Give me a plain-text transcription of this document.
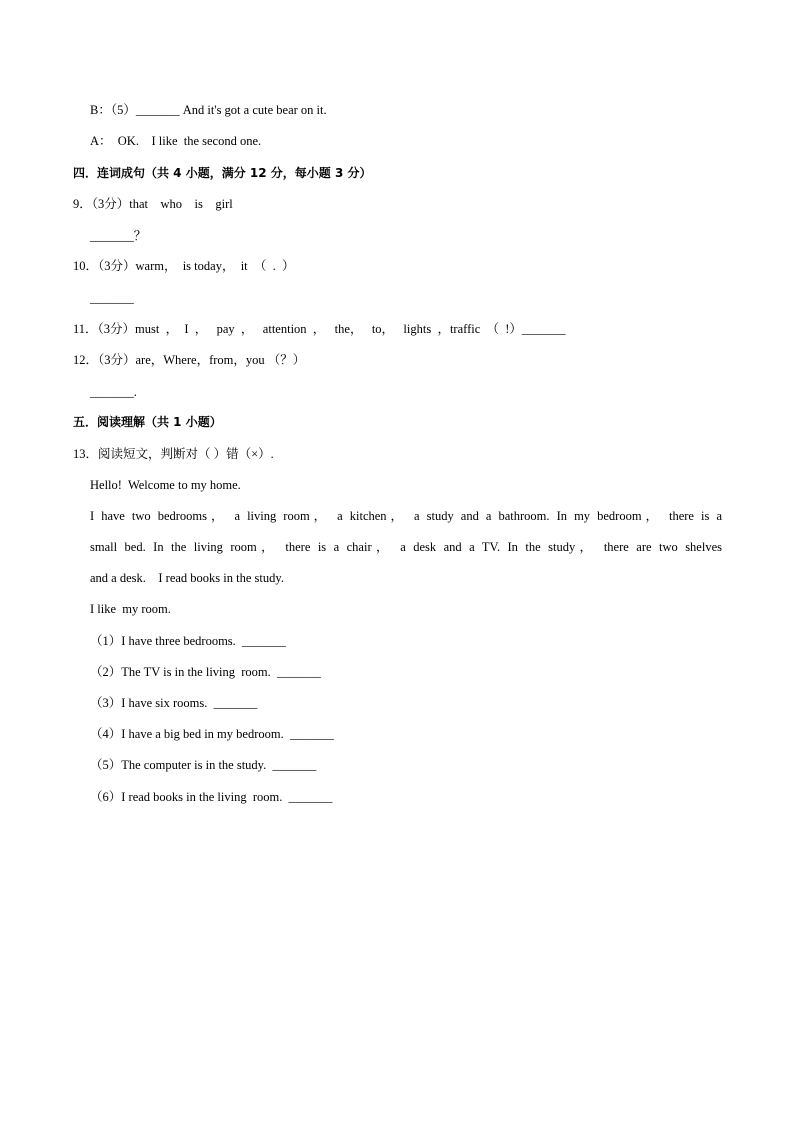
B：（5）_______ And it's got a cute bear on it.
A：  OK.    I like  the second one.
四．连词成句（共 4 小题，满分 12 分，每小题 3 分）
9．（3分）that    who    is    girl
_______？
10．（3分）warm，  is today，  it  （  .  ）
_______
11．（3分）must  ，  I  ，   pay  ，   attention  ，   the，   to，   lights  ，traffic  （  !）_______
12．（3分）are，Where，from，you （？）
_______.
五．阅读理解（共 1 小题）
13．阅读短文，判断对（ ）错（×）.
Hello!  Welcome to my home.
I have two bedrooms， a living room， a kitchen， a study and a bathroom. In my bedroom， there is a
small bed. In the living room， there is a chair， a desk and a TV. In the study， there are two shelves
and a desk.    I read books in the study.
I like  my room.
（1）I have three bedrooms.  _______
（2）The TV is in the living  room.  _______
（3）I have six rooms.  _______
（4）I have a big bed in my bedroom.  _______
（5）The computer is in the study.  _______
（6）I read books in the living  room.  _______
